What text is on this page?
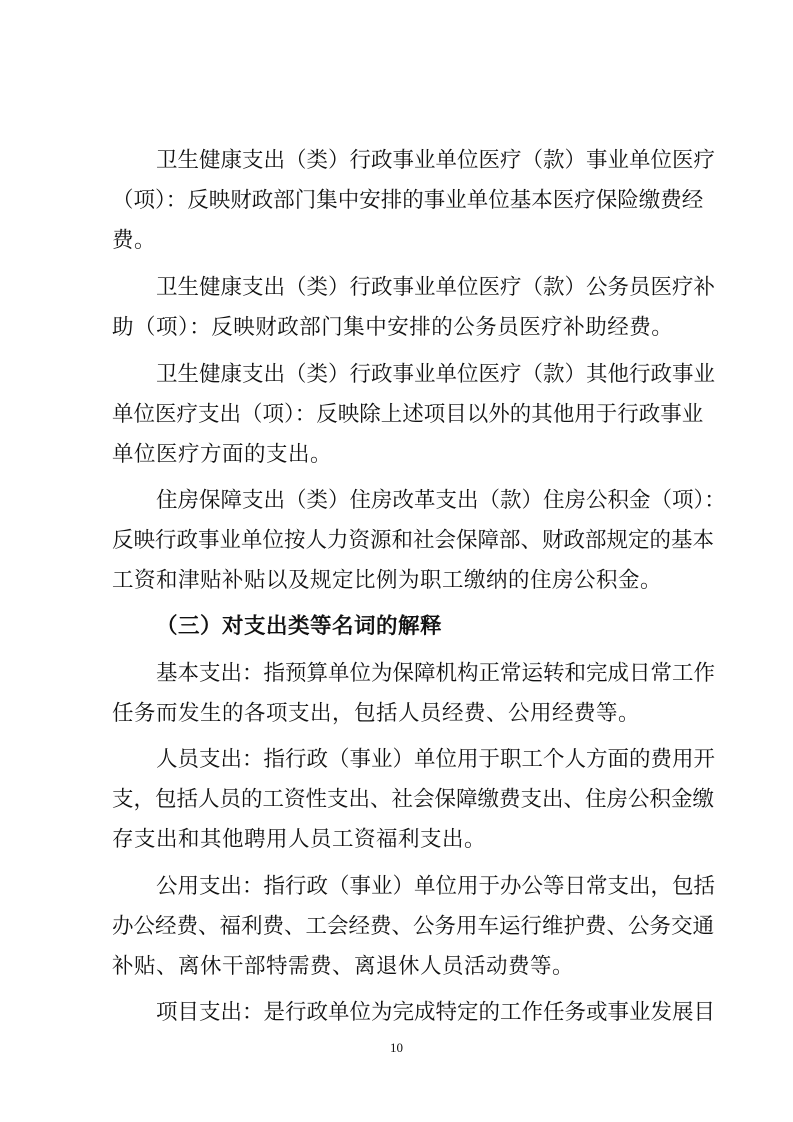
卫生健康支出（类）行政事业单位医疗（款）事业单位医疗
（项）：反映财政部门集中安排的事业单位基本医疗保险缴费经
费。
卫生健康支出（类）行政事业单位医疗（款）公务员医疗补
助（项）：反映财政部门集中安排的公务员医疗补助经费。
卫生健康支出（类）行政事业单位医疗（款）其他行政事业
单位医疗支出（项）：反映除上述项目以外的其他用于行政事业
单位医疗方面的支出。
住房保障支出（类）住房改革支出（款）住房公积金（项）：
反映行政事业单位按人力资源和社会保障部、财政部规定的基本
工资和津贴补贴以及规定比例为职工缴纳的住房公积金。
（三）对支出类等名词的解释
基本支出：指预算单位为保障机构正常运转和完成日常工作
任务而发生的各项支出，包括人员经费、公用经费等。
人员支出：指行政（事业）单位用于职工个人方面的费用开
支，包括人员的工资性支出、社会保障缴费支出、住房公积金缴
存支出和其他聘用人员工资福利支出。
公用支出：指行政（事业）单位用于办公等日常支出，包括
办公经费、福利费、工会经费、公务用车运行维护费、公务交通
补贴、离休干部特需费、离退休人员活动费等。
项目支出：是行政单位为完成特定的工作任务或事业发展目
10
